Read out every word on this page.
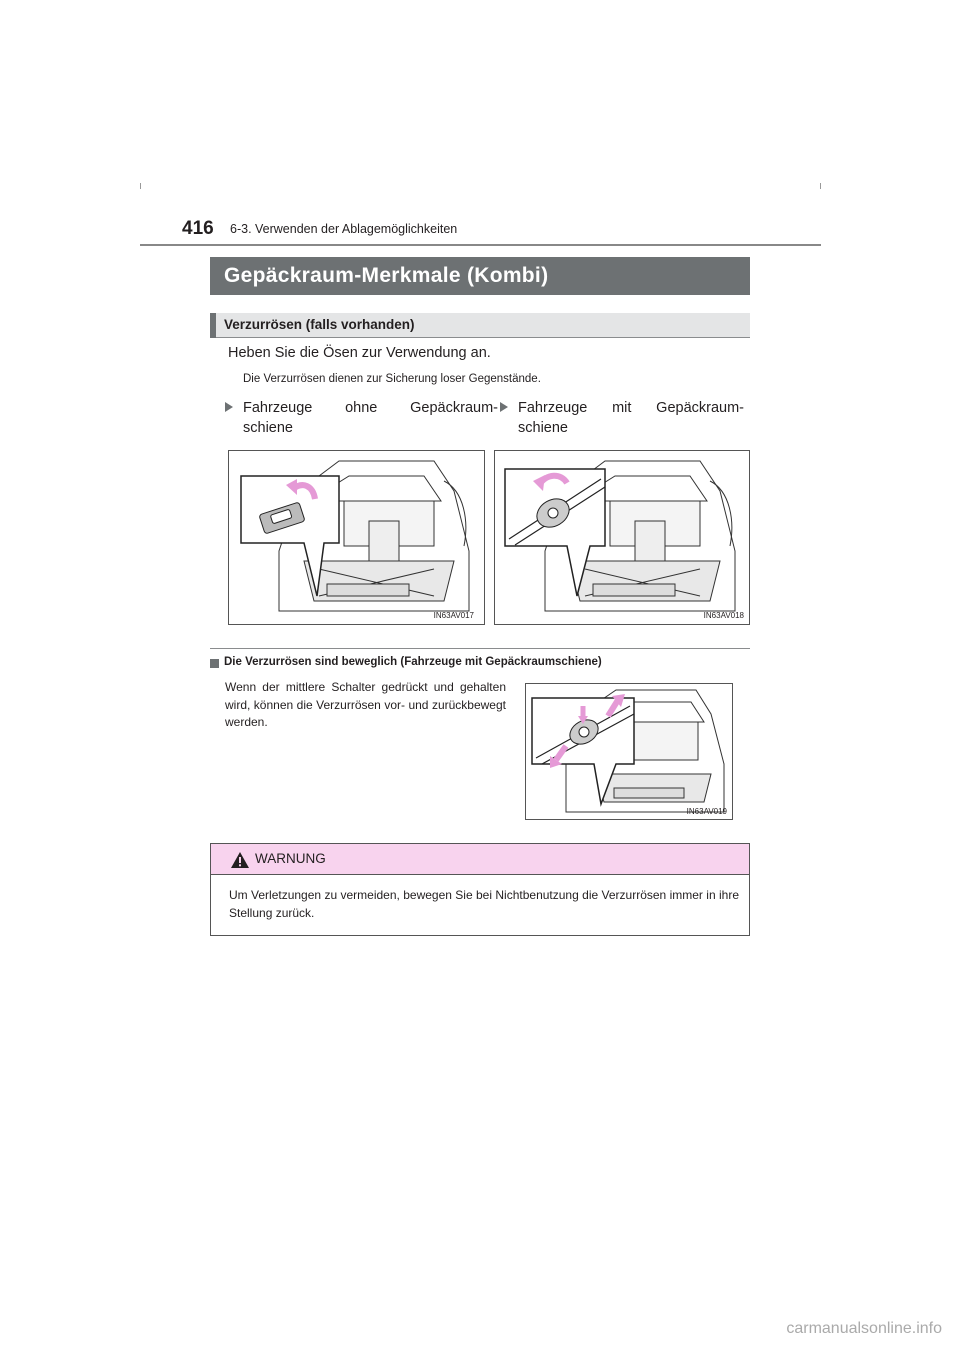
416 6-3. Verwenden der Ablagemöglichkeiten
Gepäckraum-Merkmale (Kombi)
Verzurrösen (falls vorhanden)
Heben Sie die Ösen zur Verwendung an.
Die Verzurrösen dienen zur Sicherung loser Gegenstände.
Fahrzeuge ohne Gepäckraum-
schiene
Fahrzeuge mit Gepäckraum-
schiene
IN63AV017	IN63AV018
Die Verzurrösen sind beweglich (Fahrzeuge mit Gepäckraumschiene)
Wenn der mittlere Schalter gedrückt und gehalten wird, können die Verzurrösen vor- und zurückbewegt werden.
IN63AV019
WARNUNG
Um Verletzungen zu vermeiden, bewegen Sie bei Nichtbenutzung die Verzurrösen immer in ihre Stellung zurück.
carmanualsonline.info
